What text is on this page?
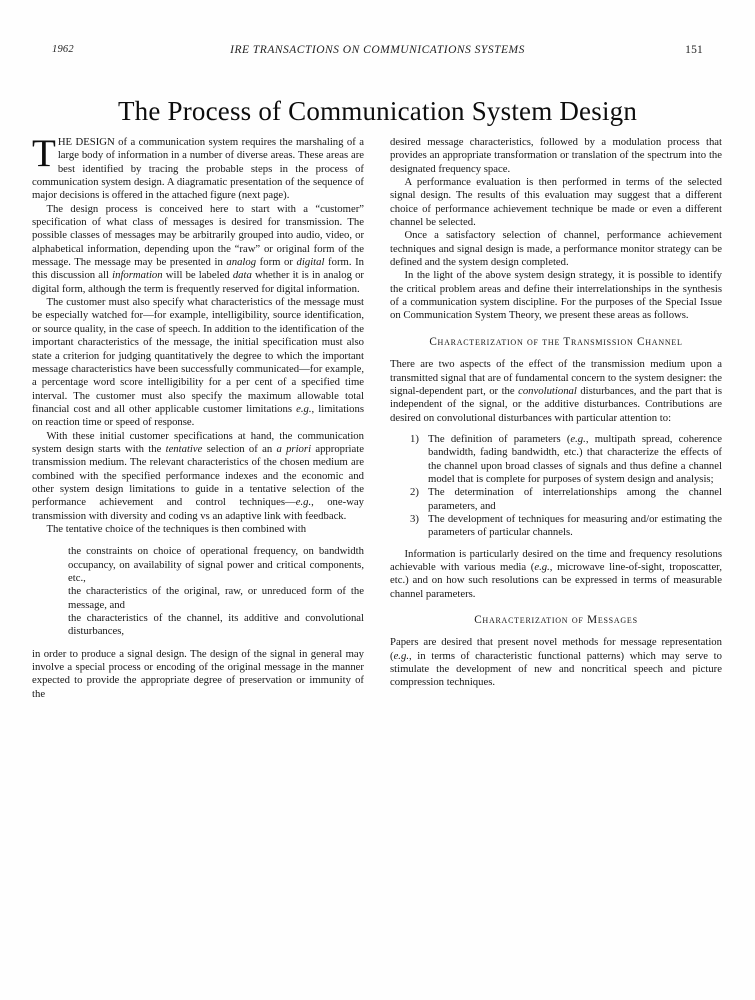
1962	IRE TRANSACTIONS ON COMMUNICATIONS SYSTEMS	151
The Process of Communication System Design

THE DESIGN of a communication system requires the marshaling of a large body of information in a number of diverse areas. These areas are best identified by tracing the probable steps in the process of communication system design. A diagramatic presentation of the sequence of major decisions is offered in the attached figure (next page).

The design process is conceived here to start with a “customer” specification of what class of messages is desired for transmission. The possible classes of messages may be arbitrarily grouped into audio, video, or alphabetical information, depending upon the “raw” or original form of the message. The message may be presented in analog form or digital form. In this discussion all information will be labeled data whether it is in analog or digital form, although the term is frequently reserved for digital information.

The customer must also specify what characteristics of the message must be especially watched for—for example, intelligibility, source identification, or source quality, in the case of speech. In addition to the identification of the important characteristics of the message, the initial specification must also state a criterion for judging quantitatively the degree to which the important message characteristics have been successfully communicated—for example, a percentage word score intelligibility for a per cent of a specified time interval. The customer must also specify the maximum allowable total financial cost and all other applicable customer limitations e.g., limitations on reaction time or speed of response.

With these initial customer specifications at hand, the communication system design starts with the tentative selection of an a priori appropriate transmission medium. The relevant characteristics of the chosen medium are combined with the specified performance indexes and the economic and other system design limitations to guide in a tentative selection of the performance achievement and control techniques—e.g., one-way transmission with diversity and coding vs an adaptive link with feedback.

The tentative choice of the techniques is then combined with

the constraints on choice of operational frequency, on bandwidth occupancy, on availability of signal power and critical components, etc.,
the characteristics of the original, raw, or unreduced form of the message, and
the characteristics of the channel, its additive and convolutional disturbances,

in order to produce a signal design. The design of the signal in general may involve a special process or encoding of the original message in the manner expected to provide the appropriate degree of preservation or immunity of the

desired message characteristics, followed by a modulation process that provides an appropriate transformation or translation of the spectrum into the designated frequency space.

A performance evaluation is then performed in terms of the selected signal design. The results of this evaluation may suggest that a different choice of performance achievement technique be made or even a different channel be selected.

Once a satisfactory selection of channel, performance achievement techniques and signal design is made, a performance monitor strategy can be defined and the system design completed.

In the light of the above system design strategy, it is possible to identify the critical problem areas and define their interrelationships in the synthesis of a communication system discipline. For the purposes of the Special Issue on Communication System Theory, we present these areas as follows.

Characterization of the Transmission Channel

There are two aspects of the effect of the transmission medium upon a transmitted signal that are of fundamental concern to the system designer: the signal-dependent part, or the convolutional disturbances, and the part that is independent of the signal, or the additive disturbances. Contributions are desired on convolutional disturbances with particular attention to:

1) The definition of parameters (e.g., multipath spread, coherence bandwidth, fading bandwidth, etc.) that characterize the effects of the channel upon broad classes of signals and thus define a channel model that is complete for purposes of system design and analysis;
2) The determination of interrelationships among the channel parameters, and
3) The development of techniques for measuring and/or estimating the parameters of particular channels.

Information is particularly desired on the time and frequency resolutions achievable with various media (e.g., microwave line-of-sight, troposcatter, etc.) and on how such resolutions can be expressed in terms of measurable channel parameters.

Characterization of Messages

Papers are desired that present novel methods for message representation (e.g., in terms of characteristic functional patterns) which may serve to stimulate the development of new and noncritical speech and picture compression techniques.
